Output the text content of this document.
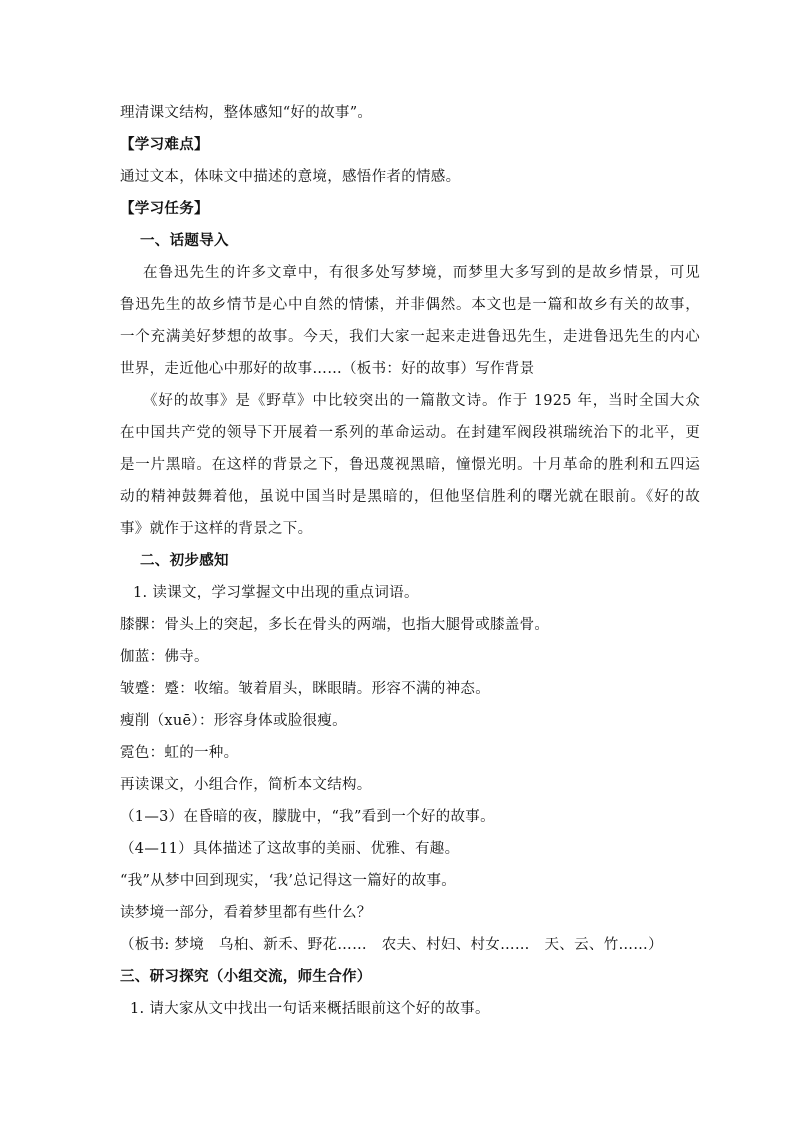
理清课文结构，整体感知“好的故事”。
【学习难点】
通过文本，体味文中描述的意境，感悟作者的情感。
【学习任务】
一、话题导入
在鲁迅先生的许多文章中，有很多处写梦境，而梦里大多写到的是故乡情景，可见
鲁迅先生的故乡情节是心中自然的情愫，并非偶然。本文也是一篇和故乡有关的故事，
一个充满美好梦想的故事。今天，我们大家一起来走进鲁迅先生，走进鲁迅先生的内心
世界，走近他心中那好的故事……（板书：好的故事）写作背景
《好的故事》是《野草》中比较突出的一篇散文诗。作于 1925 年，当时全国大众
在中国共产党的领导下开展着一系列的革命运动。在封建军阀段祺瑞统治下的北平，更
是一片黑暗。在这样的背景之下，鲁迅蔑视黑暗，憧憬光明。十月革命的胜利和五四运
动的精神鼓舞着他，虽说中国当时是黑暗的，但他坚信胜利的曙光就在眼前。《好的故
事》就作于这样的背景之下。
二、初步感知
1. 读课文，学习掌握文中出现的重点词语。
膝髁：骨头上的突起，多长在骨头的两端，也指大腿骨或膝盖骨。
伽蓝：佛寺。
皱蹙：蹙：收缩。皱着眉头，眯眼睛。形容不满的神态。
瘦削（xuē）：形容身体或脸很瘦。
霓色：虹的一种。
再读课文，小组合作，简析本文结构。
（1—3）在昏暗的夜，朦胧中，“我”看到一个好的故事。
（4—11）具体描述了这故事的美丽、优雅、有趣。
“我”从梦中回到现实，‘我’总记得这一篇好的故事。
读梦境一部分，看着梦里都有些什么？
（板书: 梦境　乌桕、新禾、野花……　农夫、村妇、村女……　天、云、竹……）
三、研习探究（小组交流，师生合作）
1. 请大家从文中找出一句话来概括眼前这个好的故事。
